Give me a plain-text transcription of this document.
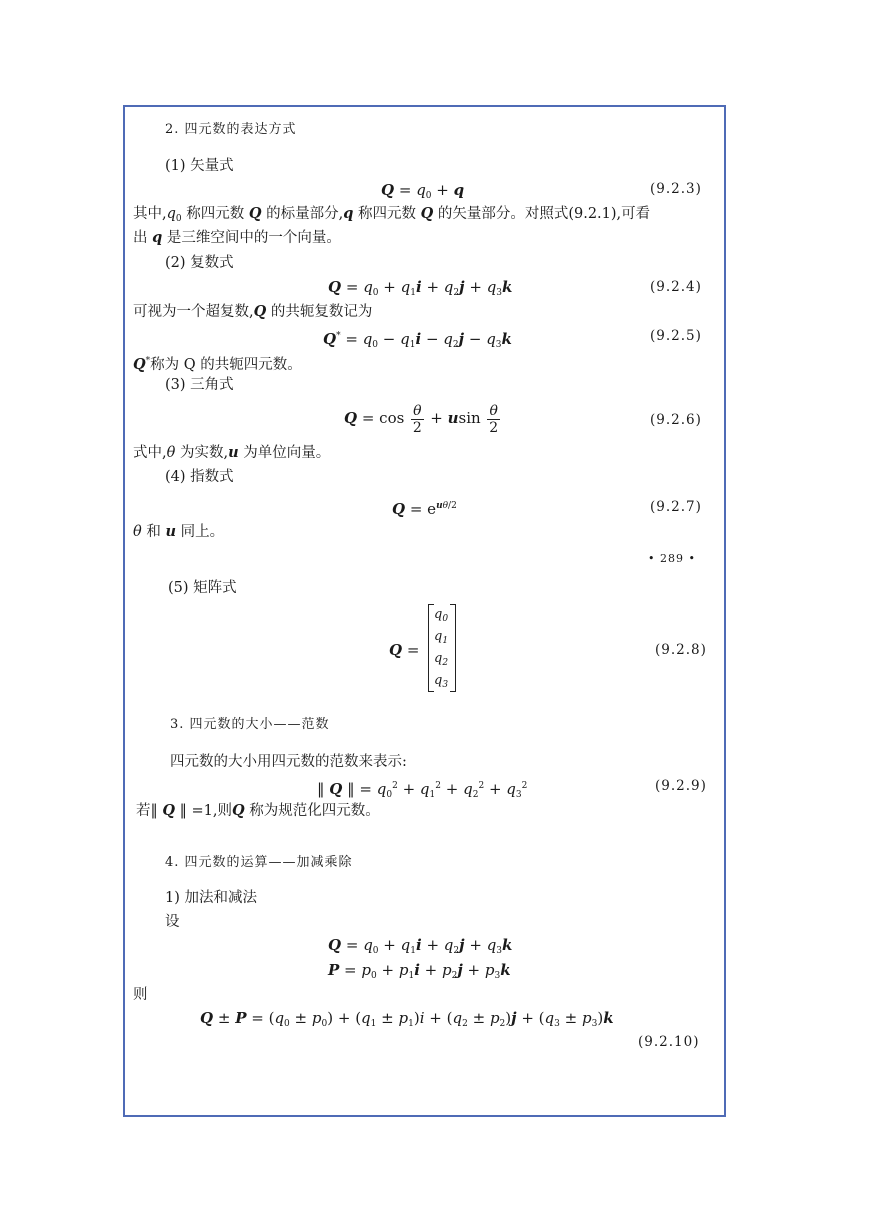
2. 四元数的表达方式
(1) 矢量式
$Q = q_0 + q$	(9.2.3)
其中$,q_0$ 称四元数 Q 的标量部分,q 称四元数 Q 的矢量部分。对照式(9.2.1),可看
出 q 是三维空间中的一个向量。
(2) 复数式
$Q = q_0 + q_1i + q_2j + q_3k$	(9.2.4)
可视为一个超复数,Q 的共轭复数记为
$Q^* = q_0 - q_1i - q_2j - q_3k$	(9.2.5)
Q*称为 Q 的共轭四元数。
(3) 三角式
$Q = \cos \frac{\theta}{2} + usin \frac{\theta}{2}$	(9.2.6)
式中,θ 为实数,u 为单位向量。
(4) 指数式
$Q = e^{u\theta/2}$	(9.2.7)
θ 和 u 同上。
• 289 •
(5) 矩阵式
Q =
$q_0$
$q_1$
$q_2$
$q_3$
(9.2.8)
3. 四元数的大小——范数
四元数的大小用四元数的范数来表示:
‖ Q ‖ = $q_0^2 + q_1^2 + q_2^2 + q_3^2$	(9.2.9)
若‖ Q ‖ =1,则Q 称为规范化四元数。
4. 四元数的运算——加减乘除
1) 加法和减法
设
$Q = q_0 + q_1i + q_2j + q_3k$
$P = p_0 + p_1i + p_2j + p_3k$
则
$Q \pm P = (q_0 \pm p_0) + (q_1 \pm p_1)i + (q_2 \pm p_2)j + (q_3 \pm p_3)k$
(9.2.10)
